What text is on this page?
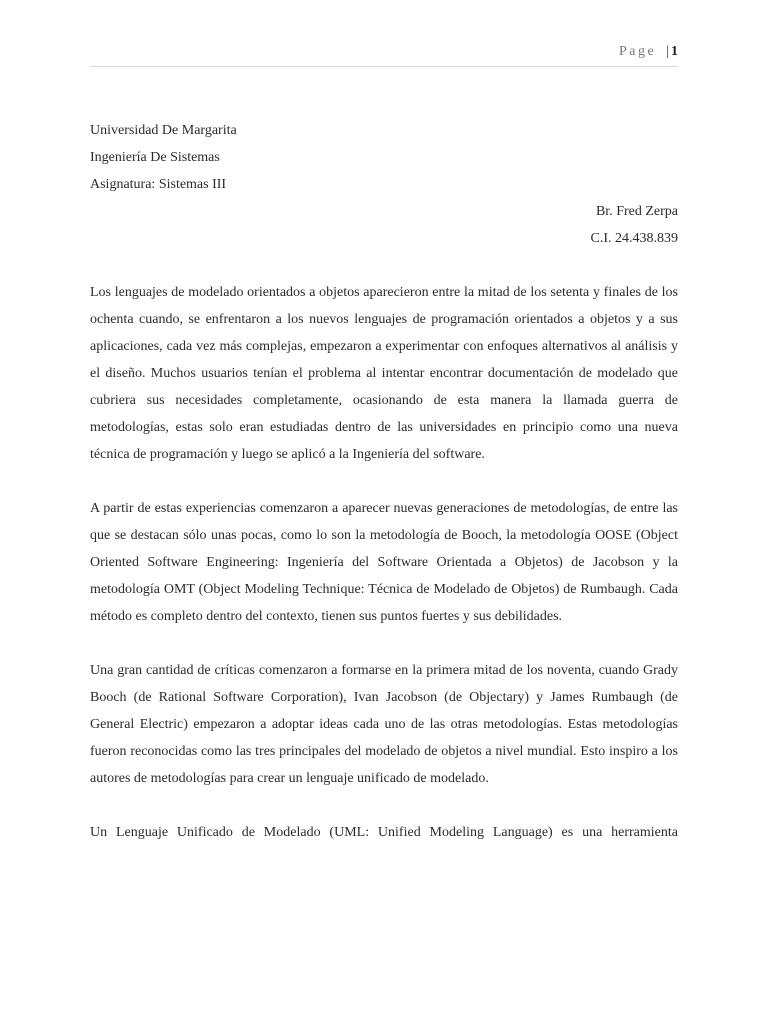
Page | 1

Universidad De Margarita

Ingeniería De Sistemas

Asignatura: Sistemas III

Br. Fred Zerpa

C.I. 24.438.839

Los lenguajes de modelado orientados a objetos aparecieron entre la mitad de los setenta y finales de los ochenta cuando, se enfrentaron a los nuevos lenguajes de programación orientados a objetos y a sus aplicaciones, cada vez más complejas, empezaron a experimentar con enfoques alternativos al análisis y el diseño. Muchos usuarios tenían el problema al intentar encontrar documentación de modelado que cubriera sus necesidades completamente, ocasionando de esta manera la llamada guerra de metodologías, estas solo eran estudiadas dentro de las universidades en principio como una nueva técnica de programación y luego se aplicó a la Ingeniería del software.

A partir de estas experiencias comenzaron a aparecer nuevas generaciones de metodologías, de entre las que se destacan sólo unas pocas, como lo son la metodología de Booch, la metodología OOSE (Object Oriented Software Engineering: Ingeniería del Software Orientada a Objetos) de Jacobson y la metodología OMT (Object Modeling Technique: Técnica de Modelado de Objetos) de Rumbaugh. Cada método es completo dentro del contexto, tienen sus puntos fuertes y sus debilidades.

Una gran cantidad de críticas comenzaron a formarse en la primera mitad de los noventa, cuando Grady Booch (de Rational Software Corporation), Ivan Jacobson (de Objectary) y James Rumbaugh (de General Electric) empezaron a adoptar ideas cada uno de las otras metodologías. Estas metodologías fueron reconocidas como las tres principales del modelado de objetos a nivel mundial. Esto inspiro a los autores de metodologías para crear un lenguaje unificado de modelado.

Un Lenguaje Unificado de Modelado (UML: Unified Modeling Language) es una herramienta
